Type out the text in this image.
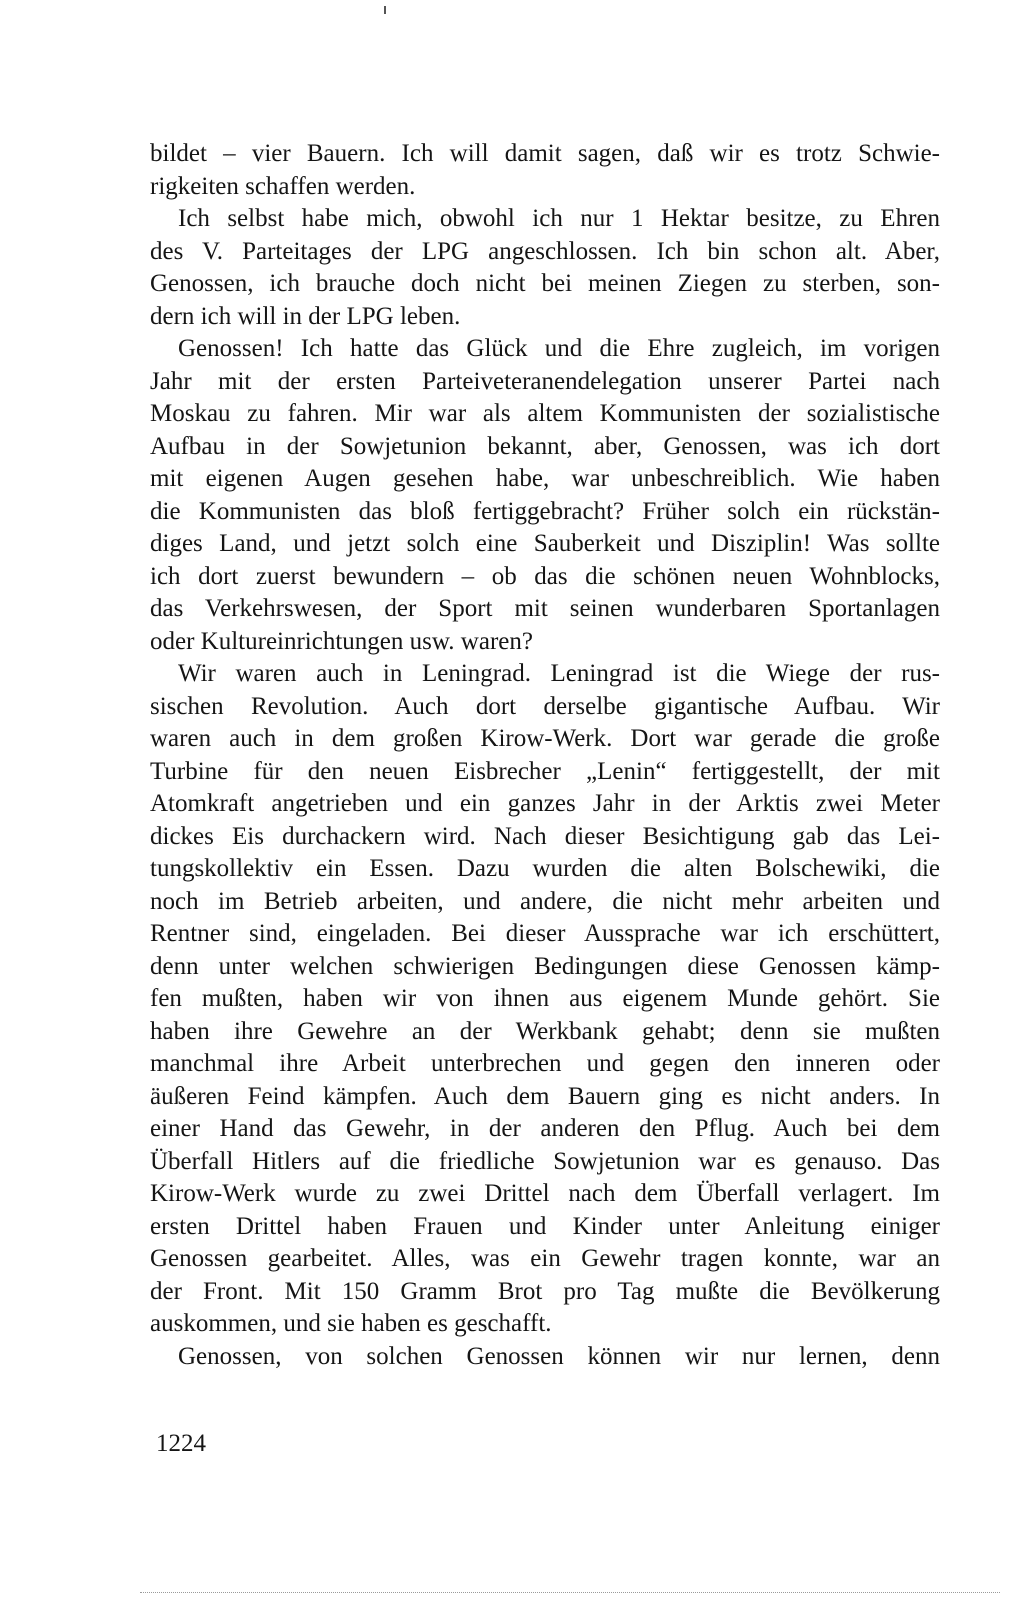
bildet – vier Bauern. Ich will damit sagen, daß wir es trotz Schwie-
rigkeiten schaffen werden.
Ich selbst habe mich, obwohl ich nur 1 Hektar besitze, zu Ehren
des V. Parteitages der LPG angeschlossen. Ich bin schon alt. Aber,
Genossen, ich brauche doch nicht bei meinen Ziegen zu sterben, son-
dern ich will in der LPG leben.
Genossen! Ich hatte das Glück und die Ehre zugleich, im vorigen
Jahr mit der ersten Parteiveteranendelegation unserer Partei nach
Moskau zu fahren. Mir war als altem Kommunisten der sozialistische
Aufbau in der Sowjetunion bekannt, aber, Genossen, was ich dort
mit eigenen Augen gesehen habe, war unbeschreiblich. Wie haben
die Kommunisten das bloß fertiggebracht? Früher solch ein rückstän-
diges Land, und jetzt solch eine Sauberkeit und Disziplin! Was sollte
ich dort zuerst bewundern – ob das die schönen neuen Wohnblocks,
das Verkehrswesen, der Sport mit seinen wunderbaren Sportanlagen
oder Kultureinrichtungen usw. waren?
Wir waren auch in Leningrad. Leningrad ist die Wiege der rus-
sischen Revolution. Auch dort derselbe gigantische Aufbau. Wir
waren auch in dem großen Kirow-Werk. Dort war gerade die große
Turbine für den neuen Eisbrecher „Lenin“ fertiggestellt, der mit
Atomkraft angetrieben und ein ganzes Jahr in der Arktis zwei Meter
dickes Eis durchackern wird. Nach dieser Besichtigung gab das Lei-
tungskollektiv ein Essen. Dazu wurden die alten Bolschewiki, die
noch im Betrieb arbeiten, und andere, die nicht mehr arbeiten und
Rentner sind, eingeladen. Bei dieser Aussprache war ich erschüttert,
denn unter welchen schwierigen Bedingungen diese Genossen kämp-
fen mußten, haben wir von ihnen aus eigenem Munde gehört. Sie
haben ihre Gewehre an der Werkbank gehabt; denn sie mußten
manchmal ihre Arbeit unterbrechen und gegen den inneren oder
äußeren Feind kämpfen. Auch dem Bauern ging es nicht anders. In
einer Hand das Gewehr, in der anderen den Pflug. Auch bei dem
Überfall Hitlers auf die friedliche Sowjetunion war es genauso. Das
Kirow-Werk wurde zu zwei Drittel nach dem Überfall verlagert. Im
ersten Drittel haben Frauen und Kinder unter Anleitung einiger
Genossen gearbeitet. Alles, was ein Gewehr tragen konnte, war an
der Front. Mit 150 Gramm Brot pro Tag mußte die Bevölkerung
auskommen, und sie haben es geschafft.
Genossen, von solchen Genossen können wir nur lernen, denn
1224
